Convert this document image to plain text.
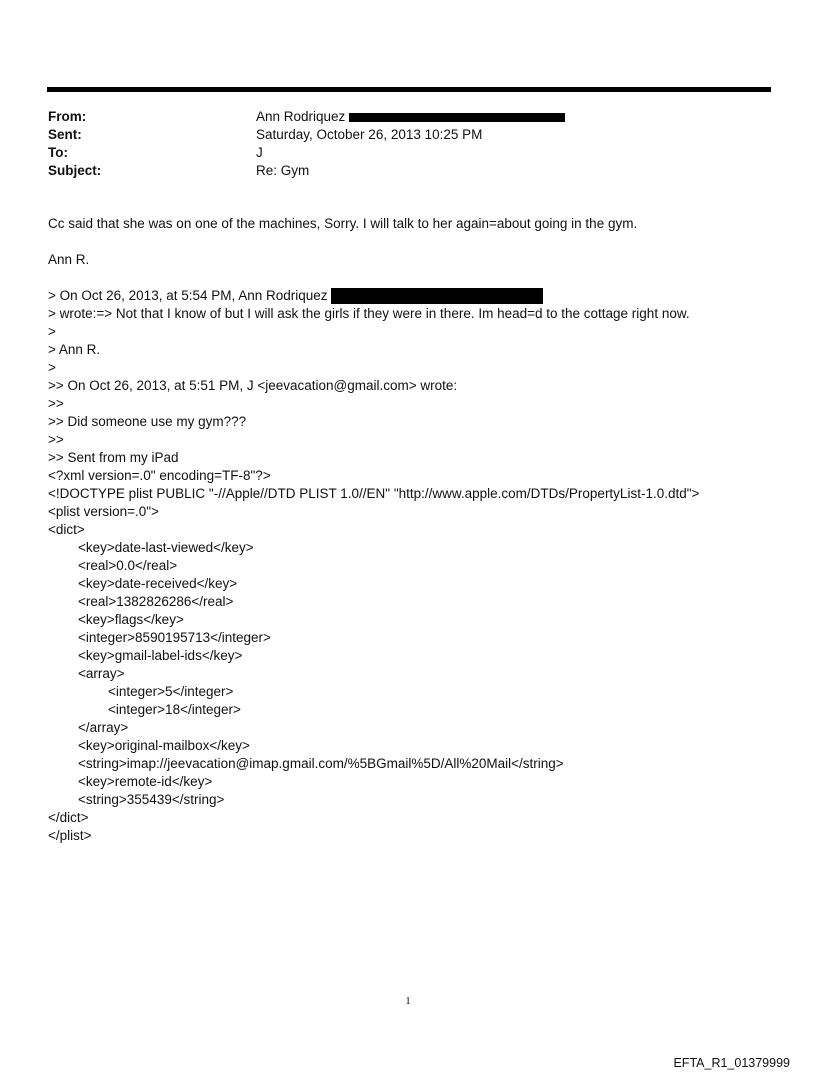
From:	Ann Rodriquez
Sent:	Saturday, October 26, 2013 10:25 PM
To:	J
Subject:	Re: Gym
Cc said that she was on one of the machines, Sorry. I will talk to her again=about going in the gym.
Ann R.
> On Oct 26, 2013, at 5:54 PM, Ann Rodriquez
> wrote:=> Not that I know of but I will ask the girls if they were in there. Im head=d to the cottage right now.
>
> Ann R.
>
>> On Oct 26, 2013, at 5:51 PM, J <jeevacation@gmail.com> wrote:
>>
>> Did someone use my gym???
>>
>> Sent from my iPad
<?xml version=.0" encoding=TF-8"?>
<!DOCTYPE plist PUBLIC "-//Apple//DTD PLIST 1.0//EN" "http://www.apple.com/DTDs/PropertyList-1.0.dtd">
<plist version=.0">
<dict>
<key>date-last-viewed</key>
<real>0.0</real>
<key>date-received</key>
<real>1382826286</real>
<key>flags</key>
<integer>8590195713</integer>
<key>gmail-label-ids</key>
<array>
<integer>5</integer>
<integer>18</integer>
</array>
<key>original-mailbox</key>
<string>imap://jeevacation@imap.gmail.com/%5BGmail%5D/All%20Mail</string>
<key>remote-id</key>
<string>355439</string>
</dict>
</plist>
1
EFTA_R1_01379999
